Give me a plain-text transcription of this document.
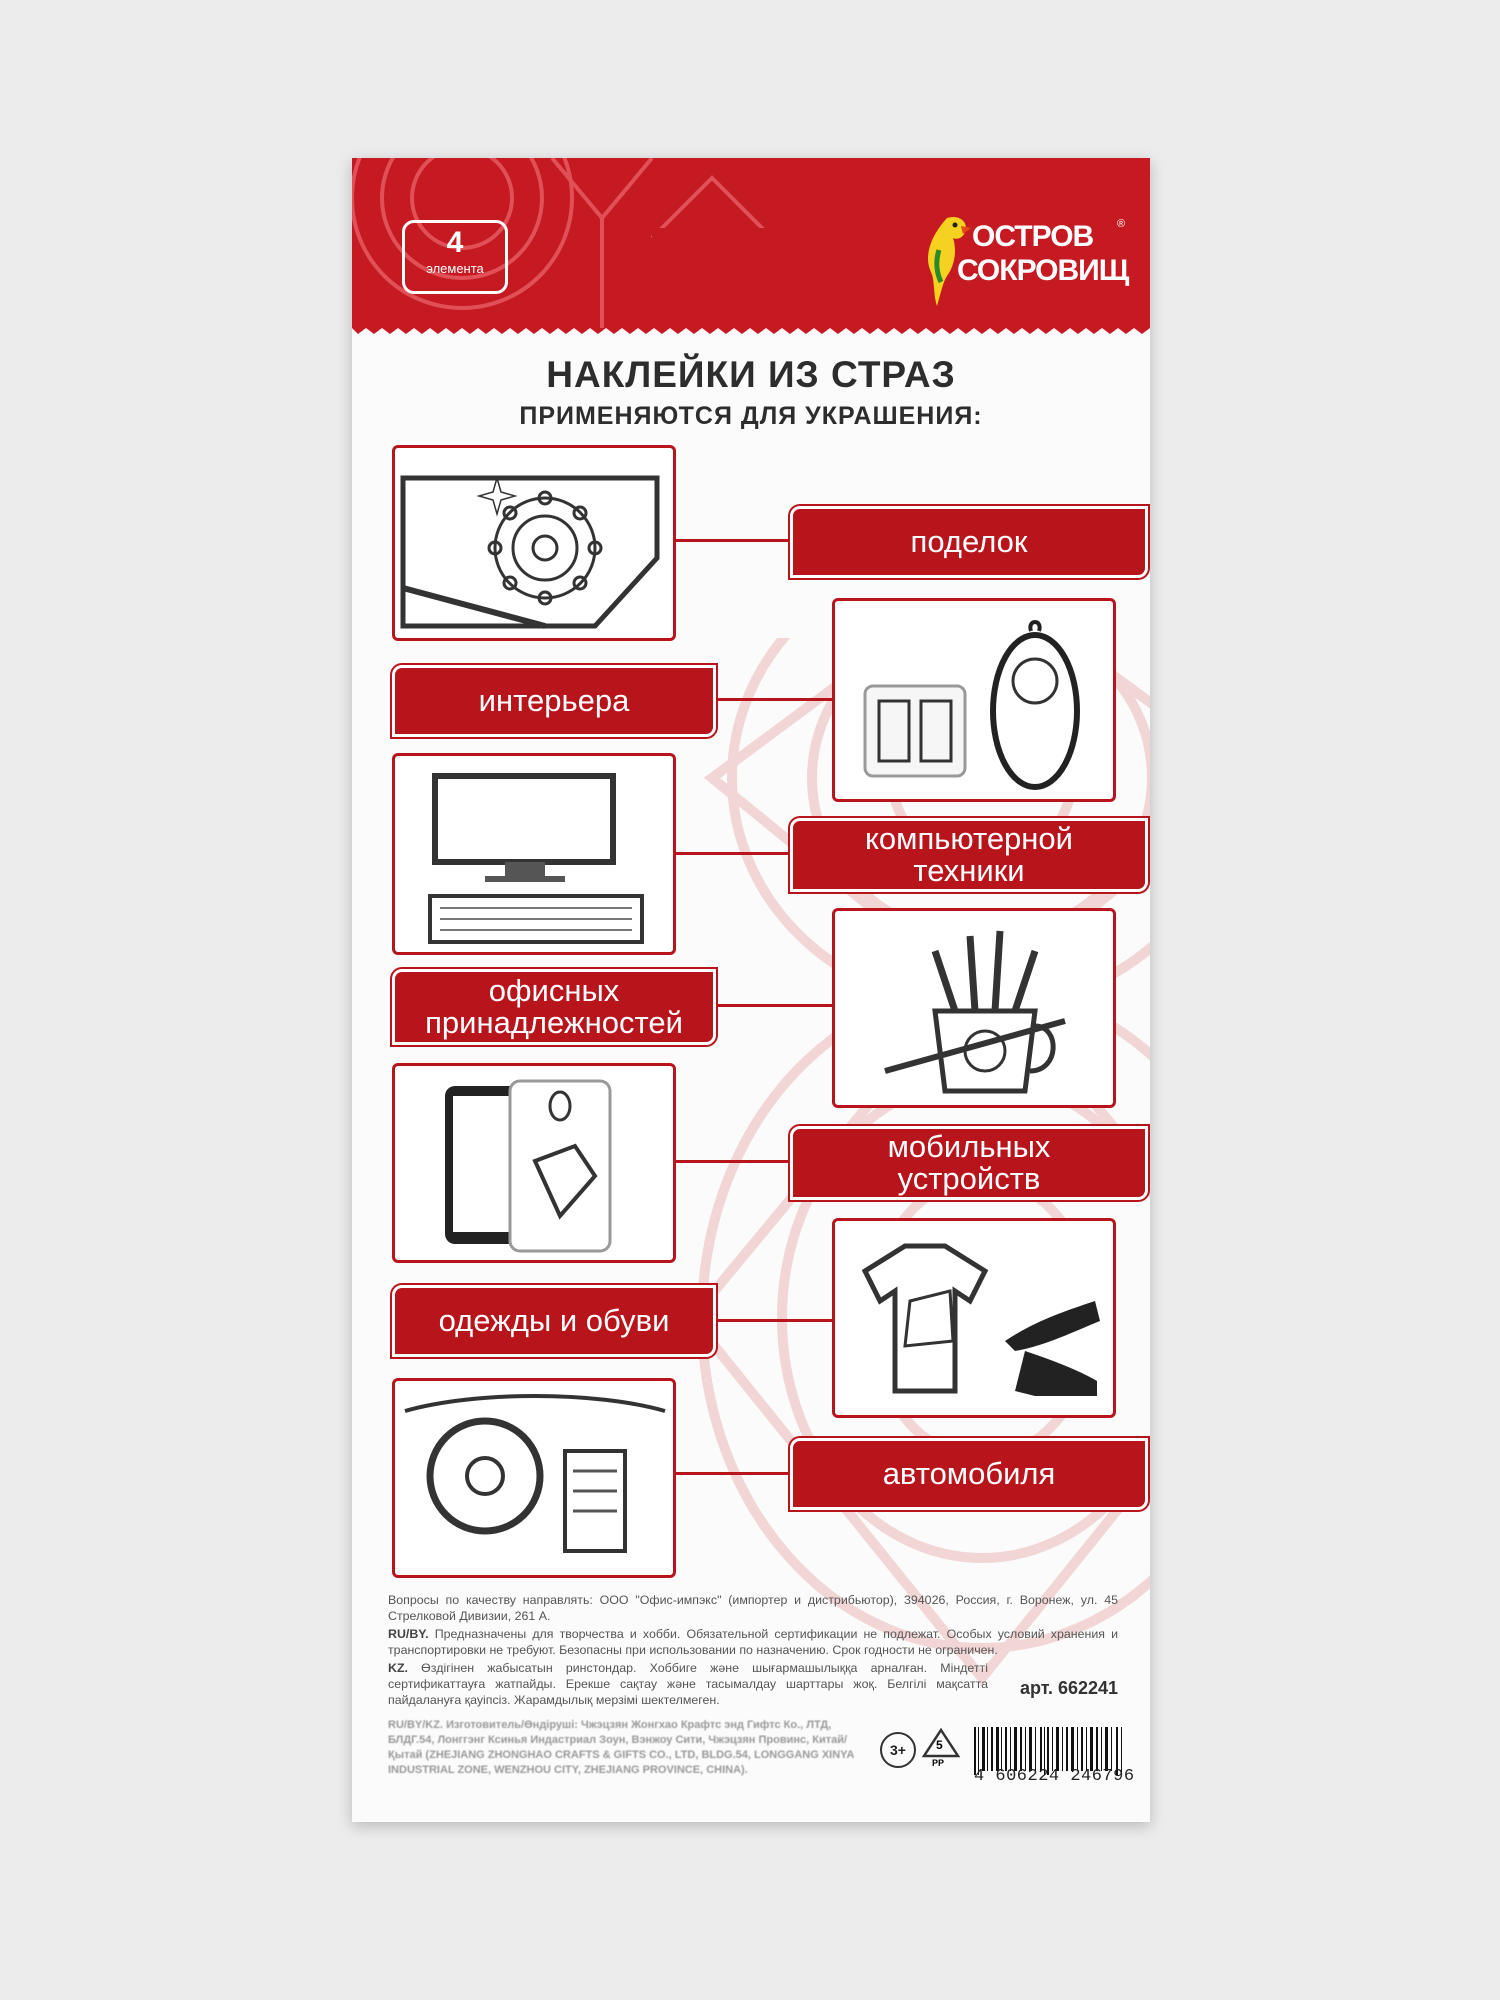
4
элемента
ОСТРОВ
СОКРОВИЩ
®
НАКЛЕЙКИ ИЗ СТРАЗ
ПРИМЕНЯЮТСЯ ДЛЯ УКРАШЕНИЯ:
поделок
интерьера
компьютерной
техники
офисных
принадлежностей
мобильных
устройств
одежды и обуви
автомобиля
Вопросы по качеству направлять: ООО "Офис-импэкс" (импортер и дистрибьютор), 394026, Россия, г. Воронеж, ул. 45 Стрелковой Дивизии, 261 А.
RU/BY. Предназначены для творчества и хобби. Обязательной сертификации не подлежат. Особых условий хранения и транспортировки не требуют. Безопасны при использовании по назначению. Срок годности не ограничен.
KZ. Өздігінен жабысатын ринстондар. Хоббиге және шығармашылыққа арналған. Міндетті сертификаттауға жатпайды. Ерекше сақтау және тасымалдау шарттары жоқ. Белгілі мақсатта пайдалануға қауіпсіз. Жарамдылық мерзімі шектелмеген.
арт. 662241
RU/BY/KZ. Изготовитель/Өндіруші: Чжэцзян Жонгхао Крафтс энд Гифтс Ко., ЛТД, БЛДГ.54, Лонггэнг Ксинья Индастриал Зоун, Вэнжоу Сити, Чжэцзян Провинс, Китай/Қытай (ZHEJIANG ZHONGHAO CRAFTS & GIFTS CO., LTD, BLDG.54, LONGGANG XINYA INDUSTRIAL ZONE, WENZHOU CITY, ZHEJIANG PROVINCE, CHINA).
3+	5
PP
4 606224 246796
